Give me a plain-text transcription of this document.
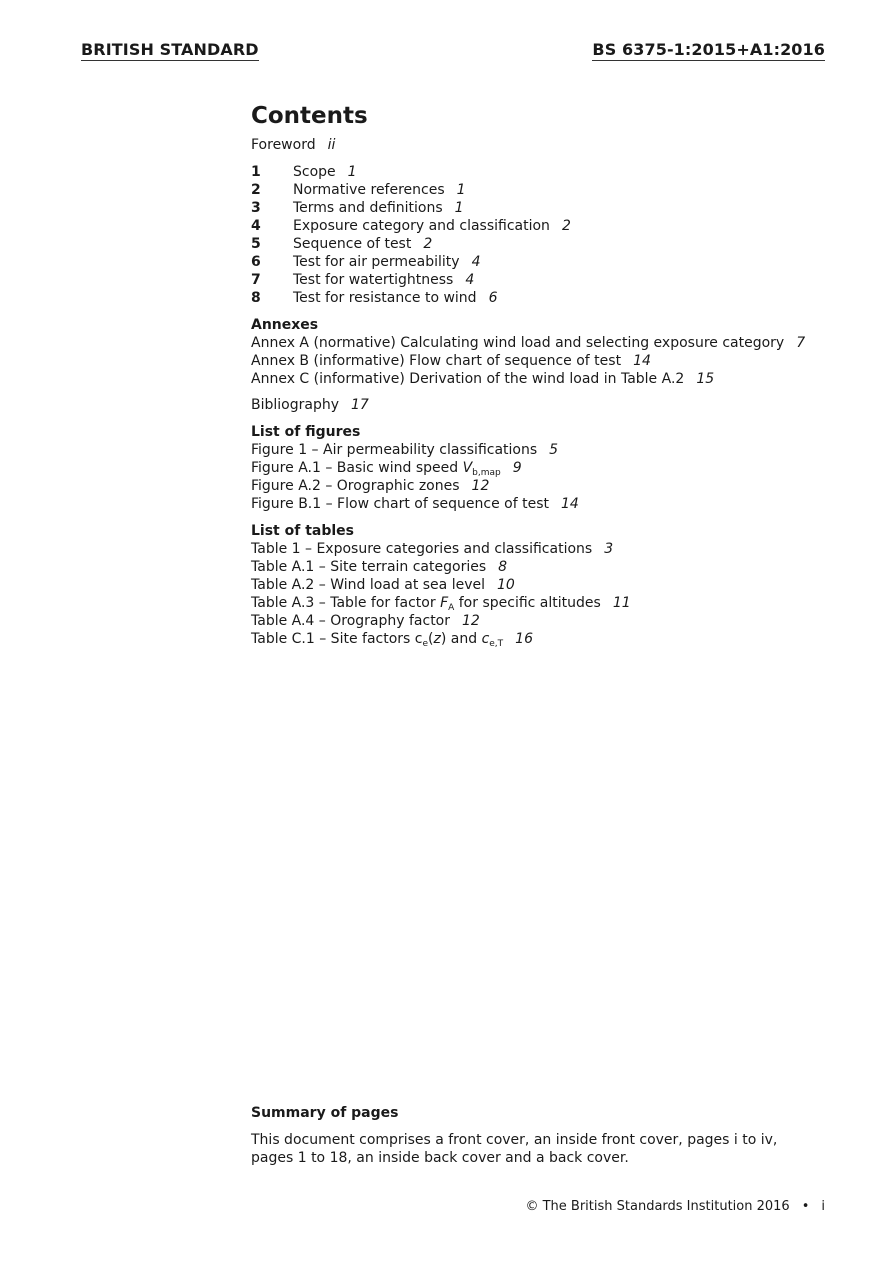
BRITISH STANDARD	BS 6375-1:2015+A1:2016
Contents
Foreword ii
1 Scope 1
2 Normative references 1
3 Terms and definitions 1
4 Exposure category and classification 2
5 Sequence of test 2
6 Test for air permeability 4
7 Test for watertightness 4
8 Test for resistance to wind 6
Annexes
Annex A (normative) Calculating wind load and selecting exposure category 7
Annex B (informative) Flow chart of sequence of test 14
Annex C (informative) Derivation of the wind load in Table A.2 15
Bibliography 17
List of figures
Figure 1 – Air permeability classifications 5
Figure A.1 – Basic wind speed $V_{b,map}$ 9
Figure A.2 – Orographic zones 12
Figure B.1 – Flow chart of sequence of test 14
List of tables
Table 1 – Exposure categories and classifications 3
Table A.1 – Site terrain categories 8
Table A.2 – Wind load at sea level 10
Table A.3 – Table for factor $F_A$ for specific altitudes 11
Table A.4 – Orography factor 12
Table C.1 – Site factors $c_e(z)$ and $c_{e,T}$ 16
Summary of pages
This document comprises a front cover, an inside front cover, pages i to iv,
pages 1 to 18, an inside back cover and a back cover.
© The British Standards Institution 2016 • i
